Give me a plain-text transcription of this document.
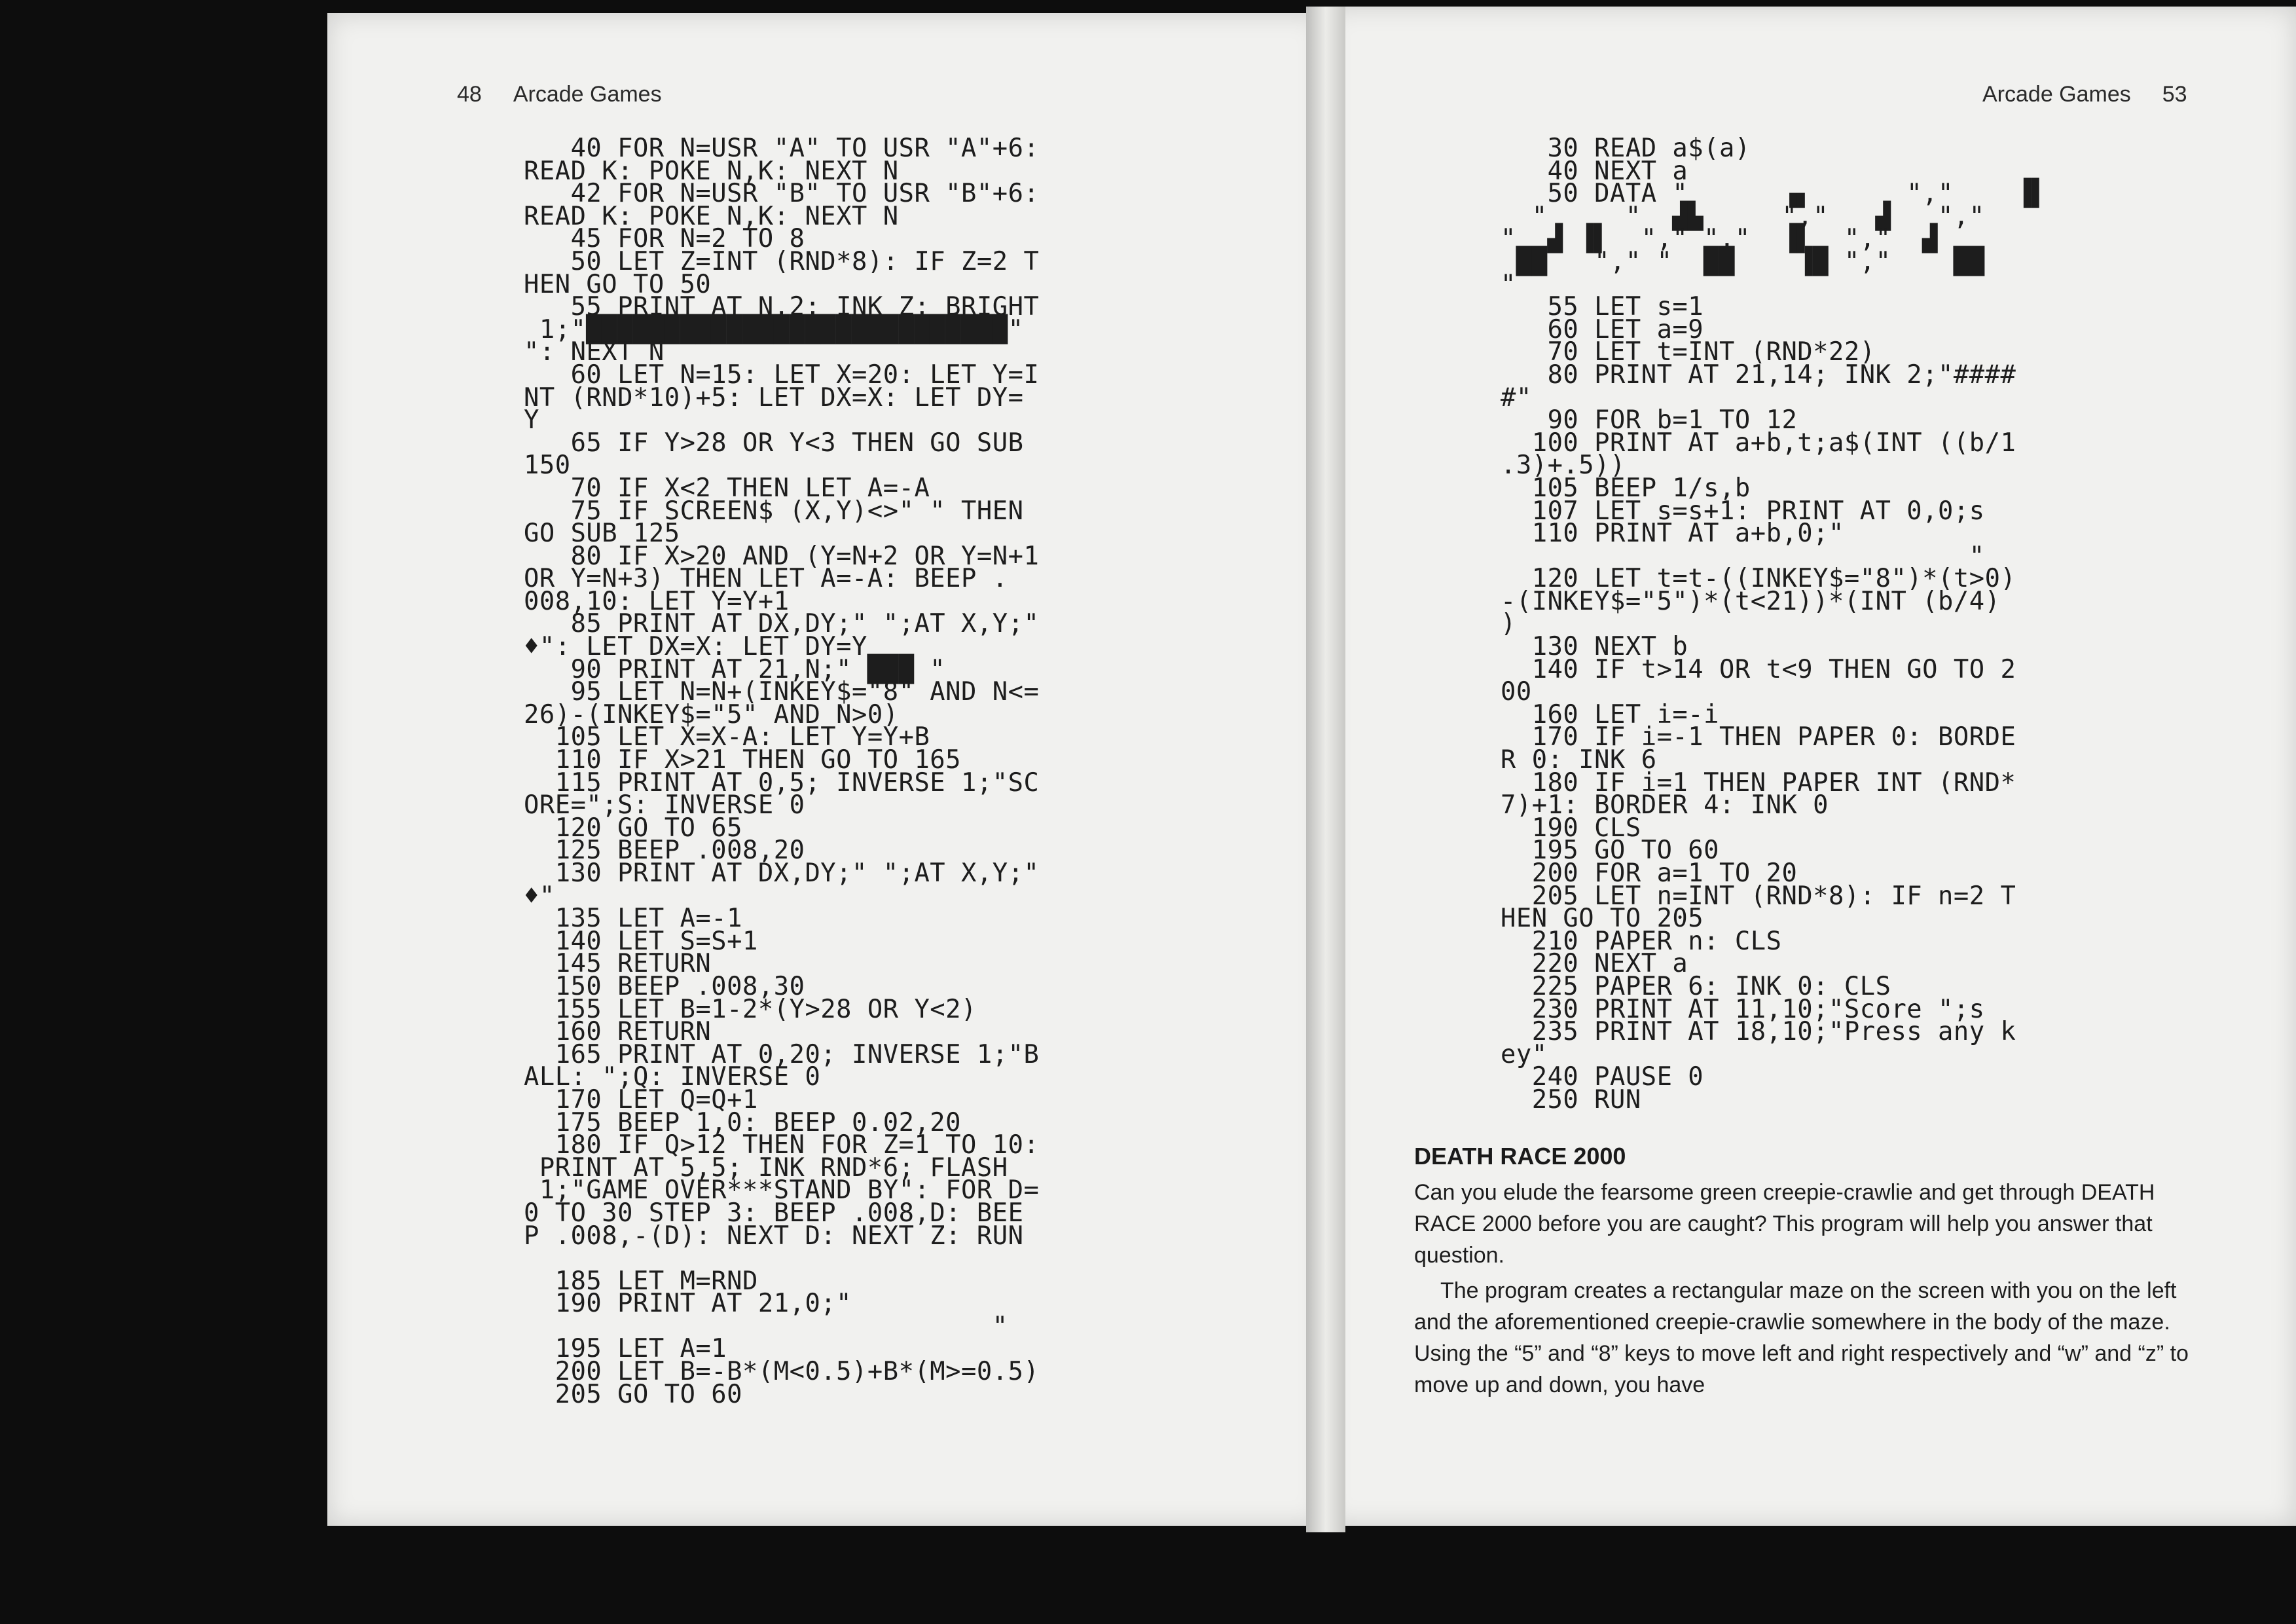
48 Arcade Games	Arcade Games 53
40 FOR N=USR "A" TO USR "A"+6:
READ K: POKE N,K: NEXT N
42 FOR N=USR "B" TO USR "B"+6:
READ K: POKE N,K: NEXT N
45 FOR N=2 TO 8
50 LET Z=INT (RND*8): IF Z=2 T
HEN GO TO 50
55 PRINT AT N,2; INK Z; BRIGHT
1;"███████████████████████████"
": NEXT N
60 LET N=15: LET X=20: LET Y=I
NT (RND*10)+5: LET DX=X: LET DY=
Y
65 IF Y>28 OR Y<3 THEN GO SUB
150
70 IF X<2 THEN LET A=-A
75 IF SCREEN$ (X,Y)<>" " THEN
GO SUB 125
80 IF X>20 AND (Y=N+2 OR Y=N+1
OR Y=N+3) THEN LET A=-A: BEEP .
008,10: LET Y=Y+1
85 PRINT AT DX,DY;" ";AT X,Y;"
♦": LET DX=X: LET DY=Y
90 PRINT AT 21,N;" ███ "
95 LET N=N+(INKEY$="8" AND N<=
26)-(INKEY$="5" AND N>0)
105 LET X=X-A: LET Y=Y+B
110 IF X>21 THEN GO TO 165
115 PRINT AT 0,5; INVERSE 1;"SC
ORE=";S: INVERSE 0
120 GO TO 65
125 BEEP .008,20
130 PRINT AT DX,DY;" ";AT X,Y;"
♦"
135 LET A=-1
140 LET S=S+1
145 RETURN
150 BEEP .008,30
155 LET B=1-2*(Y>28 OR Y<2)
160 RETURN
165 PRINT AT 0,20; INVERSE 1;"B
ALL: ";Q: INVERSE 0
170 LET Q=Q+1
175 BEEP 1,0: BEEP 0.02,20
180 IF Q>12 THEN FOR Z=1 TO 10:
PRINT AT 5,5; INK RND*6; FLASH
1;"GAME OVER***STAND BY": FOR D=
0 TO 30 STEP 3: BEEP .008,D: BEE
P .008,-(D): NEXT D: NEXT Z: RUN

185 LET M=RND
190 PRINT AT 21,0;"
"
195 LET A=1
200 LET B=-B*(M<0.5)+B*(M>=0.5)
205 GO TO 60
30 READ a$(a)
40 NEXT a
50 DATA "      ▗▖      ","    ▐▌
"     "  ▟▙     ","   ▟   ","
"  ▟ ▐▌  "," ","  ▐▌  ","  ▟
██   "," "  ██    ▐█ ","    ██
"
55 LET s=1
60 LET a=9
70 LET t=INT (RND*22)
80 PRINT AT 21,14; INK 2;"####
#"
90 FOR b=1 TO 12
100 PRINT AT a+b,t;a$(INT ((b/1
.3)+.5))
105 BEEP 1/s,b
107 LET s=s+1: PRINT AT 0,0;s
110 PRINT AT a+b,0;"
"
120 LET t=t-((INKEY$="8")*(t>0)
-(INKEY$="5")*(t<21))*(INT (b/4)
)
130 NEXT b
140 IF t>14 OR t<9 THEN GO TO 2
00
160 LET i=-i
170 IF i=-1 THEN PAPER 0: BORDE
R 0: INK 6
180 IF i=1 THEN PAPER INT (RND*
7)+1: BORDER 4: INK 0
190 CLS
195 GO TO 60
200 FOR a=1 TO 20
205 LET n=INT (RND*8): IF n=2 T
HEN GO TO 205
210 PAPER n: CLS
220 NEXT a
225 PAPER 6: INK 0: CLS
230 PRINT AT 11,10;"Score ";s
235 PRINT AT 18,10;"Press any k
ey"
240 PAUSE 0
250 RUN
DEATH RACE 2000

Can you elude the fearsome green creepie-crawlie and get through DEATH RACE 2000 before you are caught? This program will help you answer that question.

The program creates a rectangular maze on the screen with you on the left and the aforementioned creepie-crawlie somewhere in the body of the maze. Using the “5” and “8” keys to move left and right respectively and “w” and “z” to move up and down, you have
